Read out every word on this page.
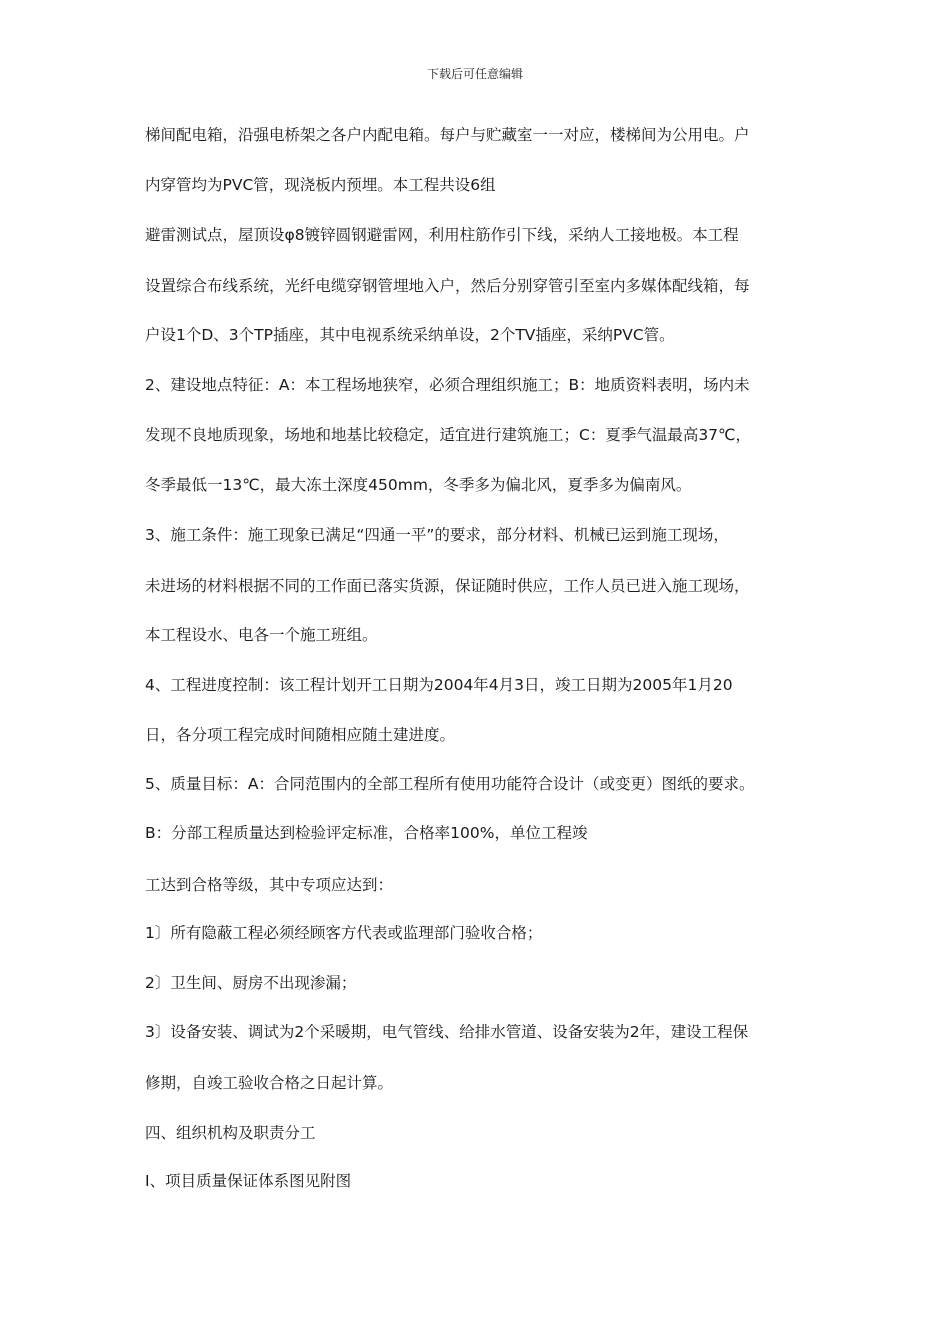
下载后可任意编辑
梯间配电箱，沿强电桥架之各户内配电箱。每户与贮藏室一一对应，楼梯间为公用电。户
内穿管均为PVC管，现浇板内预埋。本工程共设6组
避雷测试点，屋顶设φ8镀锌圆钢避雷网，利用柱筋作引下线，采纳人工接地极。本工程
设置综合布线系统，光纤电缆穿钢管埋地入户，然后分别穿管引至室内多媒体配线箱，每
户设1个D、3个TP插座，其中电视系统采纳单设，2个TV插座，采纳PVC管。
2、建设地点特征：A：本工程场地狭窄，必须合理组织施工；B：地质资料表明，场内未
发现不良地质现象，场地和地基比较稳定，适宜进行建筑施工；C：夏季气温最高37℃，
冬季最低一13℃，最大冻土深度450mm，冬季多为偏北风，夏季多为偏南风。
3、施工条件：施工现象已满足“四通一平”的要求，部分材料、机械已运到施工现场，
未进场的材料根据不同的工作面已落实货源，保证随时供应，工作人员已进入施工现场，
本工程设水、电各一个施工班组。
4、工程进度控制：该工程计划开工日期为2004年4月3日，竣工日期为2005年1月20
日，各分项工程完成时间随相应随土建进度。
5、质量目标：A：合同范围内的全部工程所有使用功能符合设计（或变更）图纸的要求。
B：分部工程质量达到检验评定标准，合格率100%，单位工程竣
工达到合格等级，其中专项应达到：
1〕所有隐蔽工程必须经顾客方代表或监理部门验收合格；
2〕卫生间、厨房不出现渗漏；
3〕设备安装、调试为2个采暖期，电气管线、给排水管道、设备安装为2年，建设工程保
修期，自竣工验收合格之日起计算。
四、组织机构及职责分工
I、项目质量保证体系图见附图
